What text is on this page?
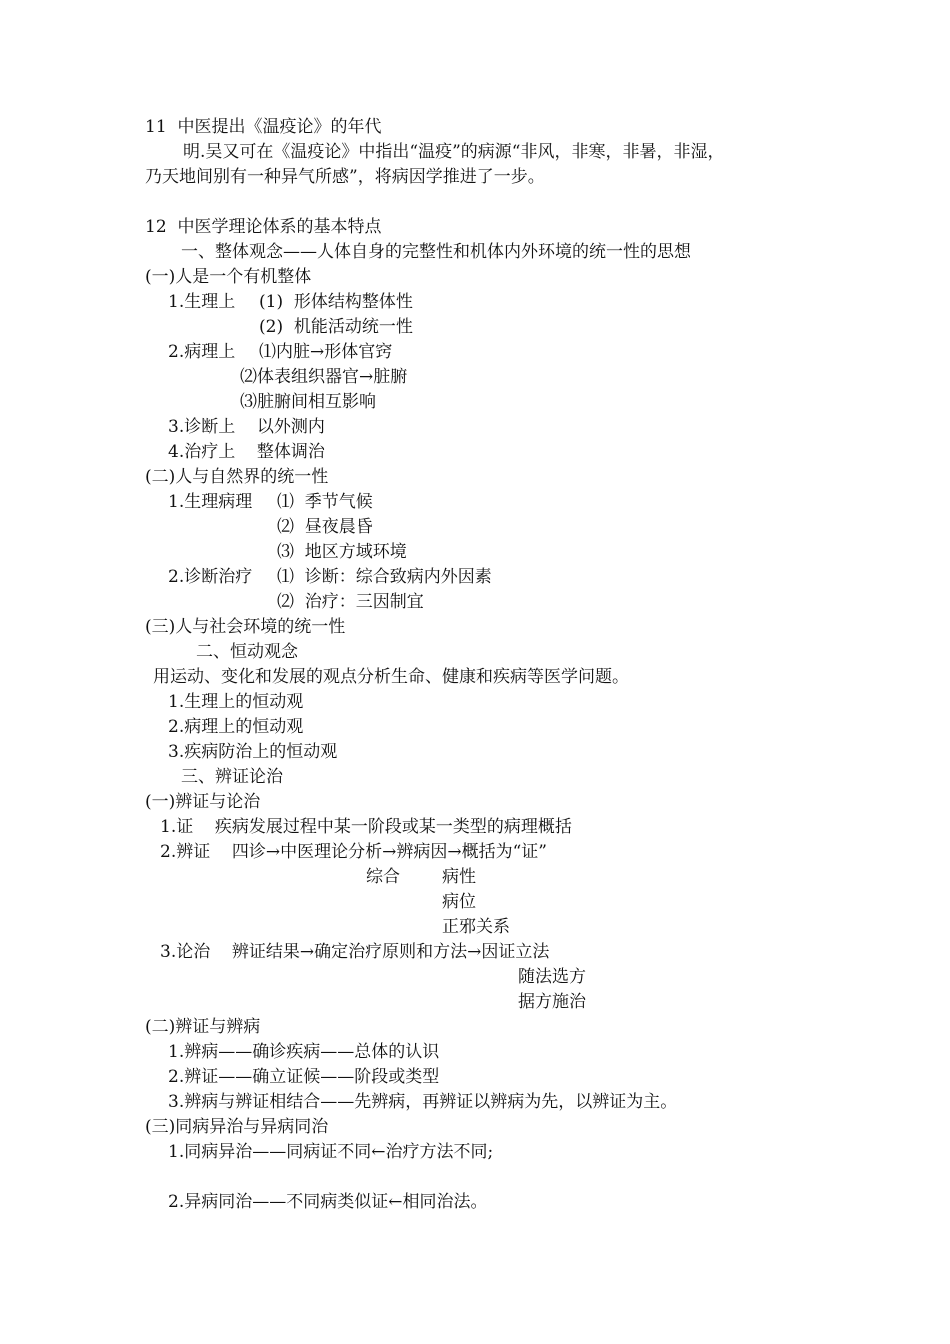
11  中医提出《温疫论》的年代
明.吴又可在《温疫论》中指出“温疫”的病源“非风，非寒，非暑，非湿，
乃天地间别有一种异气所感”，将病因学推进了一步。
12  中医学理论体系的基本特点
一、整体观念——人体自身的完整性和机体内外环境的统一性的思想
(一)人是一个有机整体
1.生理上 (1)  形体结构整体性
(2)  机能活动统一性
2.病理上 ⑴内脏→形体官窍
⑵体表组织器官→脏腑
⑶脏腑间相互影响
3.诊断上    以外测内
4.治疗上    整体调治
(二)人与自然界的统一性
1.生理病理 ⑴  季节气候
⑵  昼夜晨昏
⑶  地区方域环境
2.诊断治疗 ⑴  诊断：综合致病内外因素
⑵  治疗：三因制宜
(三)人与社会环境的统一性
二、恒动观念
用运动、变化和发展的观点分析生命、健康和疾病等医学问题。
1.生理上的恒动观
2.病理上的恒动观
3.疾病防治上的恒动观
三、辨证论治
(一)辨证与论治
1.证    疾病发展过程中某一阶段或某一类型的病理概括
2.辨证    四诊→中医理论分析→辨病因→概括为“证”
综合 病性
病位
正邪关系
3.论治    辨证结果→确定治疗原则和方法→因证立法
随法选方
据方施治
(二)辨证与辨病
1.辨病——确诊疾病——总体的认识
2.辨证——确立证候——阶段或类型
3.辨病与辨证相结合——先辨病，再辨证以辨病为先，以辨证为主。
(三)同病异治与异病同治
1.同病异治——同病证不同←治疗方法不同;
2.异病同治——不同病类似证←相同治法。
